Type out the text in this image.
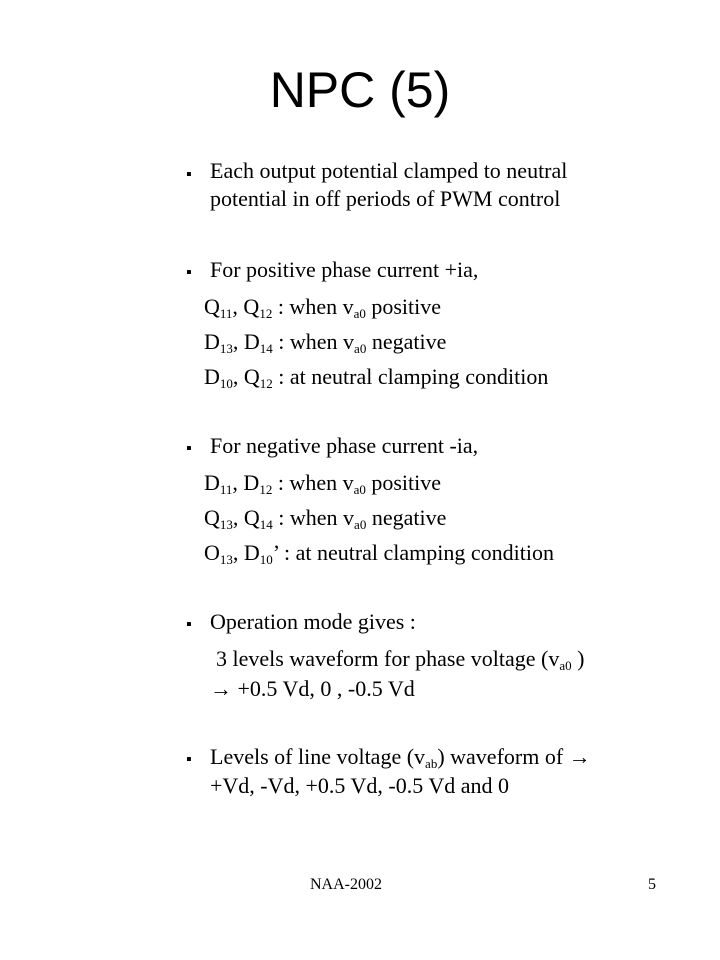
NPC (5)
▪ Each output potential clamped to neutral
potential in off periods of PWM control
▪ For positive phase current +ia,
$Q_{11}$, $Q_{12}$ : when $v_{a0}$ positive
$D_{13}$, $D_{14}$ : when $v_{a0}$ negative
$D_{10}$, $Q_{12}$ : at neutral clamping condition
▪ For negative phase current -ia,
$D_{11}$, $D_{12}$ : when $v_{a0}$ positive
$Q_{13}$, $Q_{14}$ : when $v_{a0}$ negative
$O_{13}$, $D_{10}$’ : at neutral clamping condition
▪ Operation mode gives :
3 levels waveform for phase voltage ($v_{a0}$ )
→ +0.5 Vd, 0 , -0.5 Vd
▪ Levels of line voltage $(v_{ab})$ waveform of →
+Vd, -Vd, +0.5 Vd, -0.5 Vd and 0
NAA-2002	5
